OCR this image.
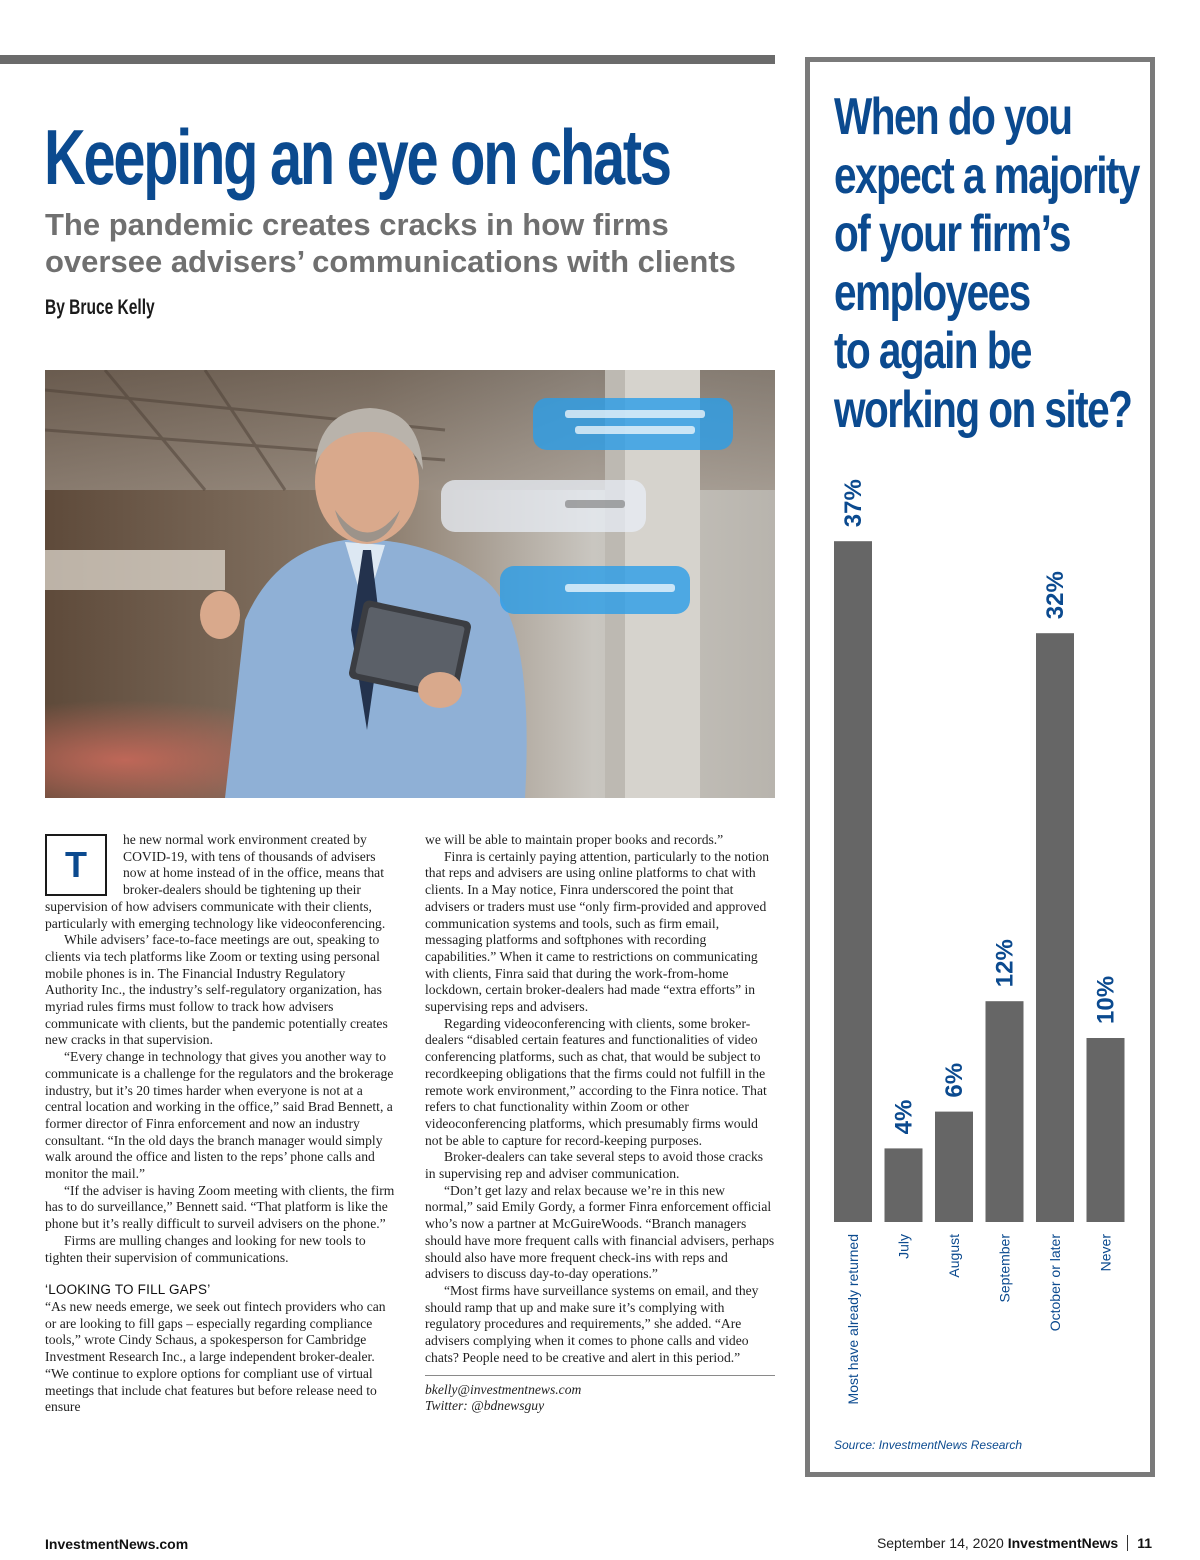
Keeping an eye on chats
The pandemic creates cracks in how firms oversee advisers’ communications with clients
By Bruce Kelly
T

he new normal work environment created by COVID-19, with tens of thousands of advisers now at home instead of in the office, means that broker-dealers should be tightening up their supervision of how advisers communicate with their clients, particularly with emerging technology like videoconferencing.

While advisers’ face-to-face meetings are out, speaking to clients via tech platforms like Zoom or texting using personal mobile phones is in. The Financial Industry Regulatory Authority Inc., the industry’s self-regulatory organization, has myriad rules firms must follow to track how advisers communicate with clients, but the pandemic potentially creates new cracks in that supervision.

“Every change in technology that gives you another way to communicate is a challenge for the regulators and the brokerage industry, but it’s 20 times harder when everyone is not at a central location and working in the office,” said Brad Bennett, a former director of Finra enforcement and now an industry consultant. “In the old days the branch manager would simply walk around the office and listen to the reps’ phone calls and monitor the mail.”

“If the adviser is having Zoom meeting with clients, the firm has to do surveillance,” Bennett said. “That platform is like the phone but it’s really difficult to surveil advisers on the phone.”

Firms are mulling changes and looking for new tools to tighten their supervision of communications.

‘LOOKING TO FILL GAPS’

“As new needs emerge, we seek out fintech providers who can or are looking to fill gaps – especially regarding compliance tools,” wrote Cindy Schaus, a spokesperson for Cambridge Investment Research Inc., a large independent broker-dealer. “We continue to explore options for compliant use of virtual meetings that include chat features but before release need to ensure

we will be able to maintain proper books and records.”

Finra is certainly paying attention, particularly to the notion that reps and advisers are using online platforms to chat with clients. In a May notice, Finra underscored the point that advisers or traders must use “only firm-provided and approved communication systems and tools, such as firm email, messaging platforms and softphones with recording capabilities.” When it came to restrictions on communicating with clients, Finra said that during the work-from-home lockdown, certain broker-dealers had made “extra efforts” in supervising reps and advisers.

Regarding videoconferencing with clients, some broker-dealers “disabled certain features and functionalities of video conferencing platforms, such as chat, that would be subject to recordkeeping obligations that the firms could not fulfill in the remote work environment,” according to the Finra notice. That refers to chat functionality within Zoom or other videoconferencing platforms, which presumably firms would not be able to capture for record-keeping purposes.

Broker-dealers can take several steps to avoid those cracks in supervising rep and adviser communication.

“Don’t get lazy and relax because we’re in this new normal,” said Emily Gordy, a former Finra enforcement official who’s now a partner at McGuireWoods. “Branch managers should have more frequent calls with financial advisers, perhaps should also have more frequent check-ins with reps and advisers to discuss day-to-day operations.”

“Most firms have surveillance systems on email, and they should ramp that up and make sure it’s complying with regulatory procedures and requirements,” she added. “Are advisers complying when it comes to phone calls and video chats? People need to be creative and alert in this period.”

bkelly@investmentnews.com
Twitter: @bdnewsguy
When do you
expect a majority
of your firm’s
employees
to again be
working on site?
37%
Most have already returned
4%
July
6%
August
12%
September
32%
October or later
10%
Never
Source: InvestmentNews Research
InvestmentNews.com	September 14, 2020 InvestmentNews 11
